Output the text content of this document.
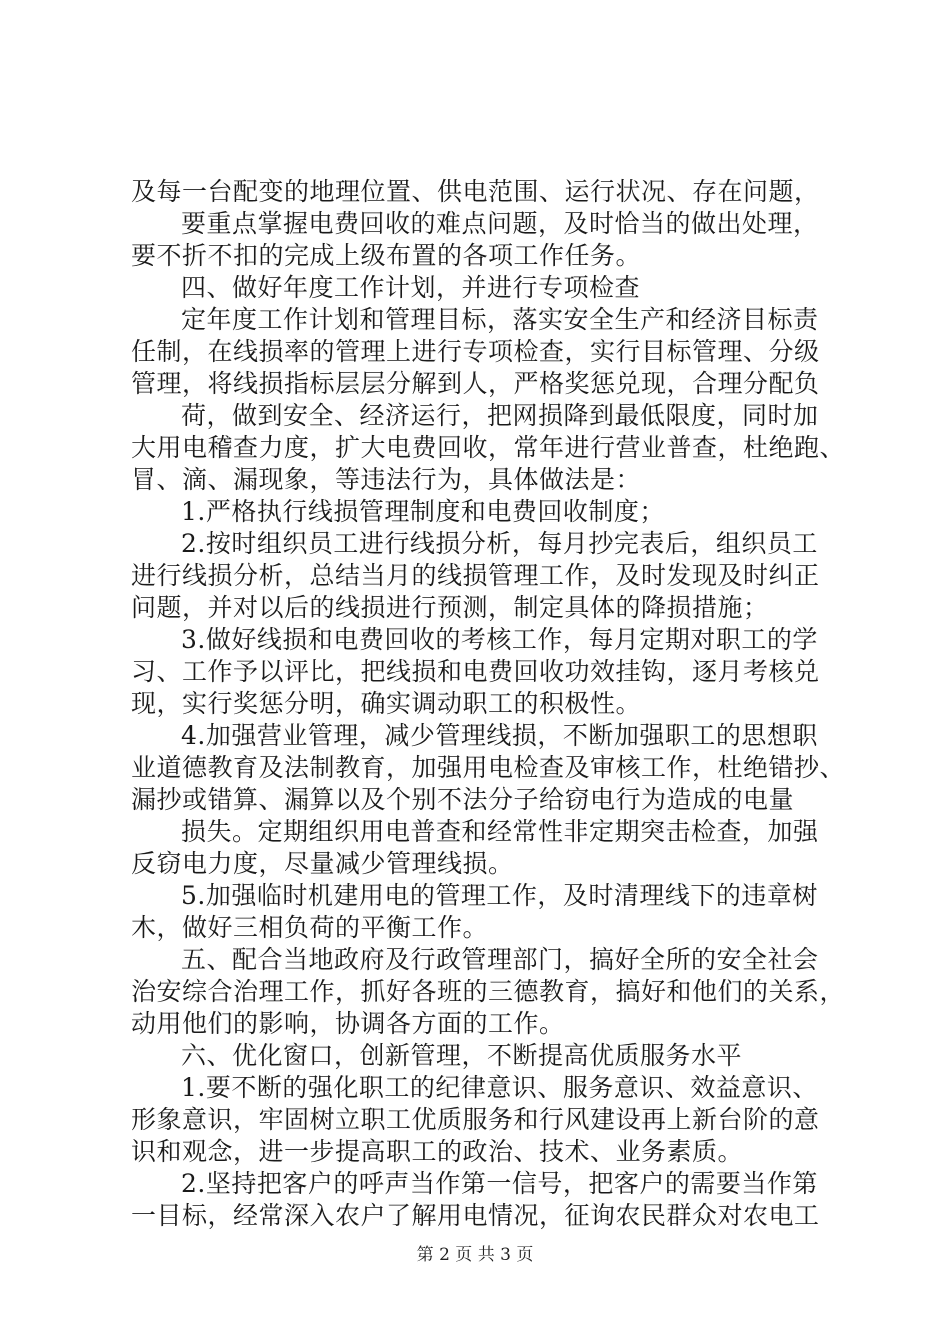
及每一台配变的地理位置、供电范围、运行状况、存在问题，
要重点掌握电费回收的难点问题，及时恰当的做出处理，
要不折不扣的完成上级布置的各项工作任务。
四、做好年度工作计划，并进行专项检查
定年度工作计划和管理目标，落实安全生产和经济目标责
任制，在线损率的管理上进行专项检查，实行目标管理、分级
管理，将线损指标层层分解到人，严格奖惩兑现，合理分配负
荷，做到安全、经济运行，把网损降到最低限度，同时加
大用电稽查力度，扩大电费回收，常年进行营业普查，杜绝跑、
冒、滴、漏现象，等违法行为，具体做法是：
1.严格执行线损管理制度和电费回收制度；
2.按时组织员工进行线损分析，每月抄完表后，组织员工
进行线损分析，总结当月的线损管理工作，及时发现及时纠正
问题，并对以后的线损进行预测，制定具体的降损措施；
3.做好线损和电费回收的考核工作，每月定期对职工的学
习、工作予以评比，把线损和电费回收功效挂钩，逐月考核兑
现，实行奖惩分明，确实调动职工的积极性。
4.加强营业管理，减少管理线损，不断加强职工的思想职
业道德教育及法制教育，加强用电检查及审核工作，杜绝错抄、
漏抄或错算、漏算以及个别不法分子给窃电行为造成的电量
损失。定期组织用电普查和经常性非定期突击检查，加强
反窃电力度，尽量减少管理线损。
5.加强临时机建用电的管理工作，及时清理线下的违章树
木，做好三相负荷的平衡工作。
五、配合当地政府及行政管理部门，搞好全所的安全社会
治安综合治理工作，抓好各班的三德教育，搞好和他们的关系，
动用他们的影响，协调各方面的工作。
六、优化窗口，创新管理，不断提高优质服务水平
1.要不断的强化职工的纪律意识、服务意识、效益意识、
形象意识，牢固树立职工优质服务和行风建设再上新台阶的意
识和观念，进一步提高职工的政治、技术、业务素质。
2.坚持把客户的呼声当作第一信号，把客户的需要当作第
一目标，经常深入农户了解用电情况，征询农民群众对农电工
第 2 页 共 3 页
